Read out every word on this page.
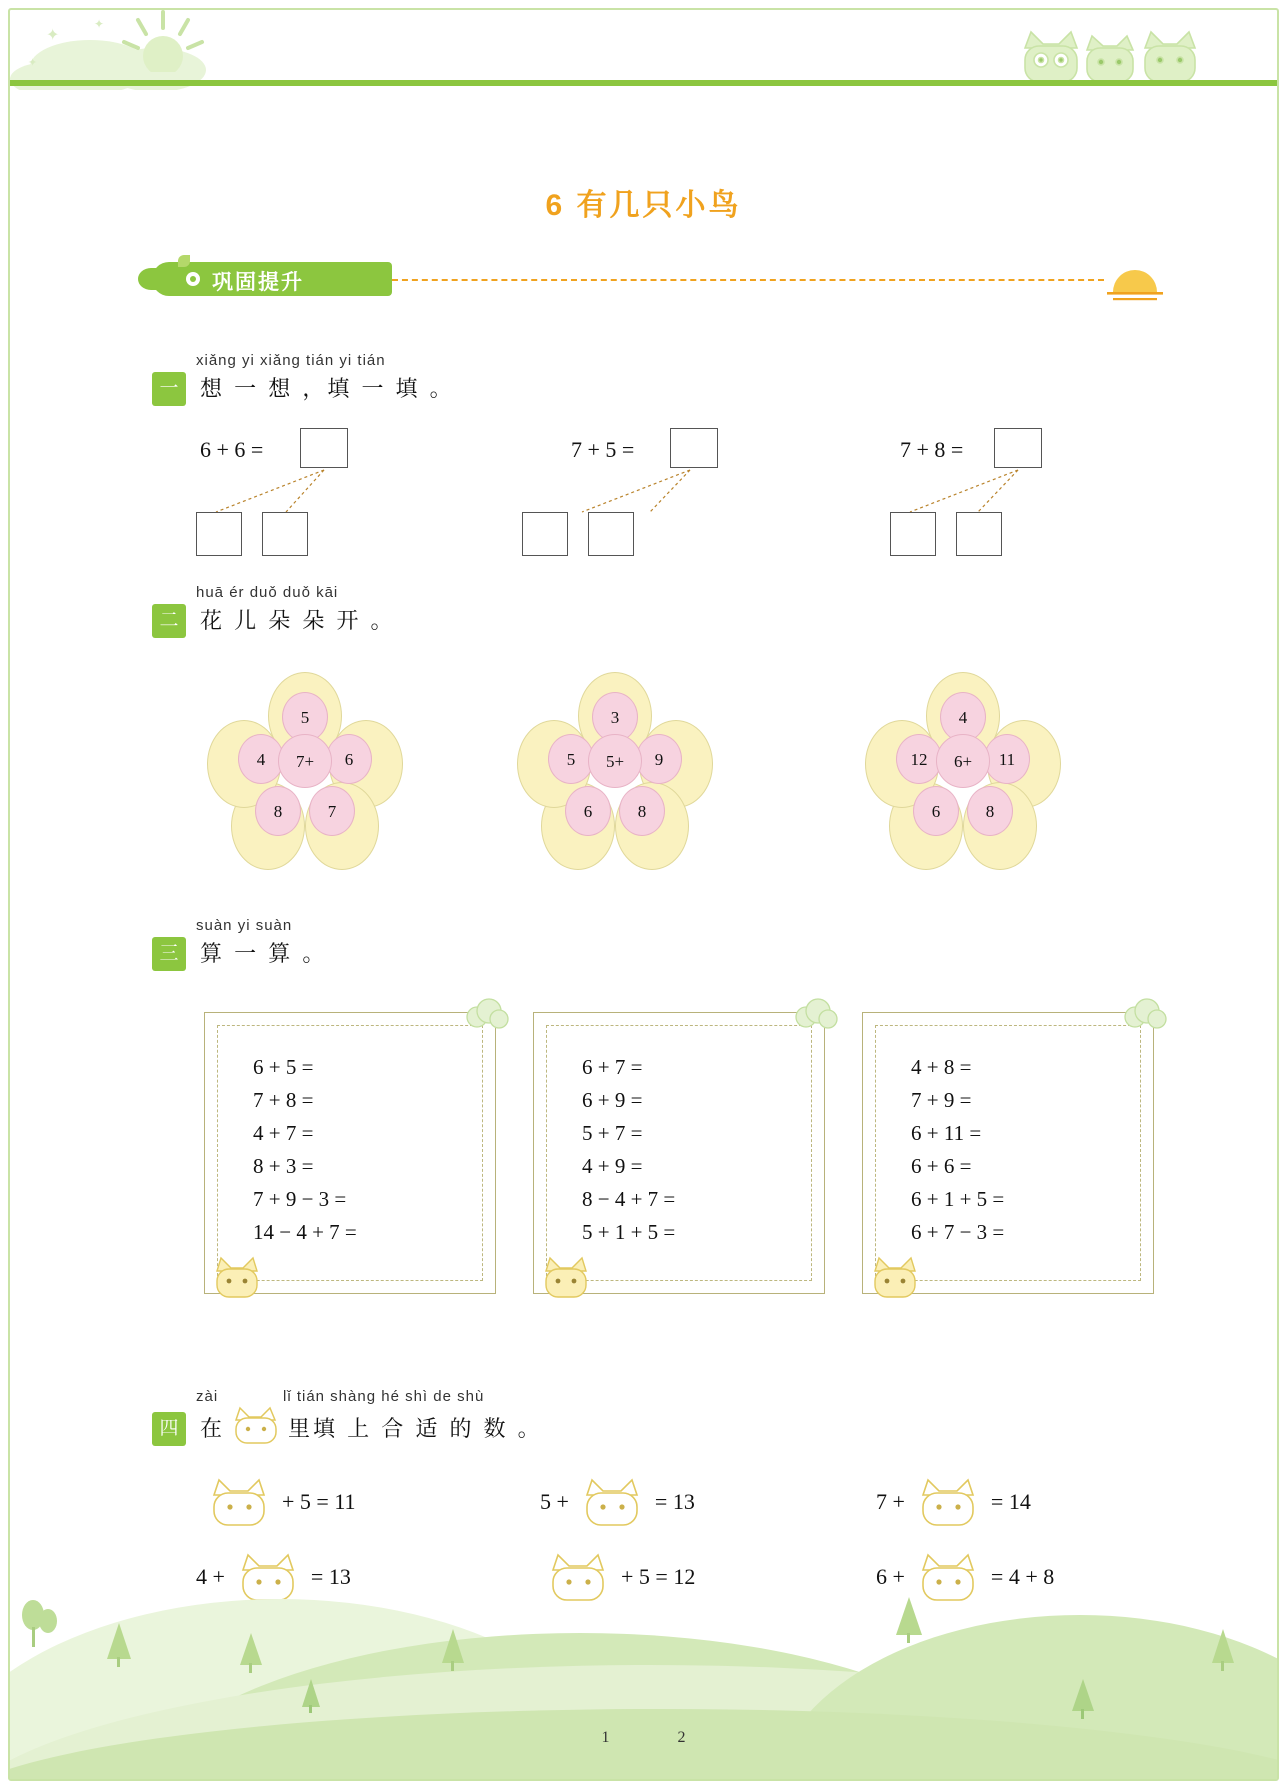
✦
✦
✦
6 有几只小鸟
巩固提升
一
xiǎng yi xiǎng tián yi tián
想 一 想 ，填 一 填 。
6 + 6 =	7 + 5 =	7 + 8 =
二
huā ér duǒ duǒ kāi
花 儿 朵 朵 开 。
5
6
7
8
4	7+
3
9
8
6
5	5+
4
11
8
6
12	6+
三
suàn yi suàn
算 一 算 。
6 + 5 =
7 + 8 =
4 + 7 =
8 + 3 =
7 + 9 − 3 =
14 − 4 + 7 =
6 + 7 =
6 + 9 =
5 + 7 =
4 + 9 =
8 − 4 + 7 =
5 + 1 + 5 =
4 + 8 =
7 + 9 =
6 + 11 =
6 + 6 =
6 + 1 + 5 =
6 + 7 − 3 =
四
zài	lǐ tián shàng hé shì de shù
在	里填 上 合 适 的 数 。
+ 5 = 11	5 +	= 13	7 +	= 14
4 +	= 13	+ 5 = 12	6 +	= 4 + 8
1	2
